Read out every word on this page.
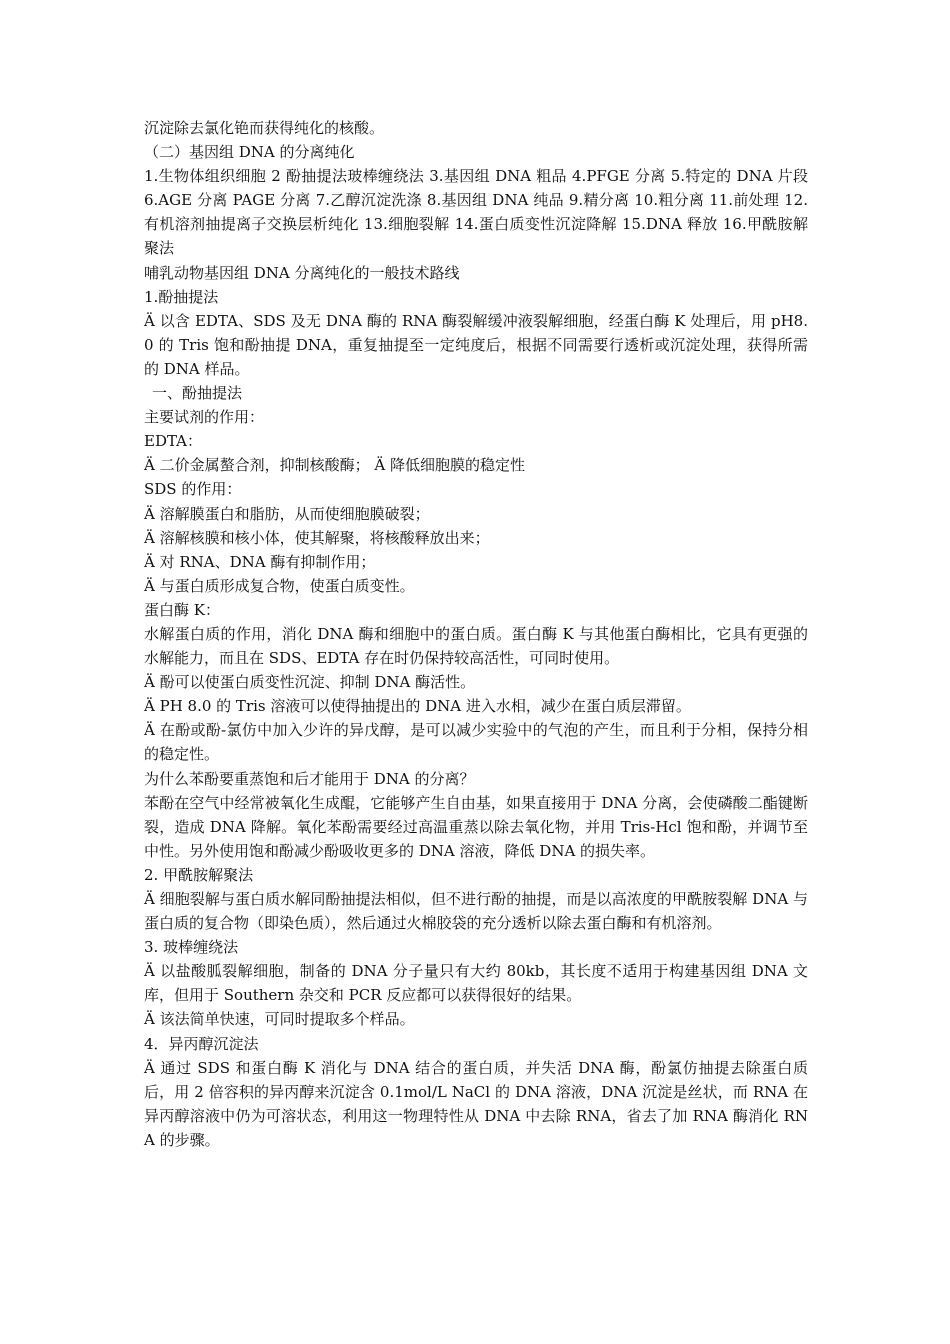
沉淀除去氯化铯而获得纯化的核酸。

（二）基因组 DNA 的分离纯化

1.生物体组织细胞 2 酚抽提法玻棒缠绕法 3.基因组 DNA 粗品 4.PFGE 分离 5.特定的 DNA 片段 6.AGE 分离 PAGE 分离 7.乙醇沉淀洗涤 8.基因组 DNA 纯品 9.精分离 10.粗分离 11.前处理 12.有机溶剂抽提离子交换层析纯化 13.细胞裂解 14.蛋白质变性沉淀降解 15.DNA 释放 16.甲酰胺解聚法

哺乳动物基因组 DNA 分离纯化的一般技术路线

1.酚抽提法

Ä 以含 EDTA、SDS 及无 DNA 酶的 RNA 酶裂解缓冲液裂解细胞，经蛋白酶 K 处理后，用 pH8.0 的 Tris 饱和酚抽提 DNA，重复抽提至一定纯度后，根据不同需要行透析或沉淀处理，获得所需的 DNA 样品。

一、酚抽提法

主要试剂的作用：

EDTA：

Ä 二价金属螯合剂，抑制核酸酶； Ä 降低细胞膜的稳定性

SDS 的作用：

Ä 溶解膜蛋白和脂肪，从而使细胞膜破裂；

Ä 溶解核膜和核小体，使其解聚，将核酸释放出来；

Ä 对 RNA、DNA 酶有抑制作用；

Ä 与蛋白质形成复合物，使蛋白质变性。

蛋白酶 K：

水解蛋白质的作用，消化 DNA 酶和细胞中的蛋白质。蛋白酶 K 与其他蛋白酶相比，它具有更强的水解能力，而且在 SDS、EDTA 存在时仍保持较高活性，可同时使用。

Ä 酚可以使蛋白质变性沉淀、抑制 DNA 酶活性。

Ä PH 8.0 的 Tris 溶液可以使得抽提出的 DNA 进入水相，减少在蛋白质层滞留。

Ä 在酚或酚-氯仿中加入少许的异戊醇，是可以减少实验中的气泡的产生，而且利于分相，保持分相的稳定性。

为什么苯酚要重蒸饱和后才能用于 DNA 的分离？

苯酚在空气中经常被氧化生成醌，它能够产生自由基，如果直接用于 DNA 分离，会使磷酸二酯键断裂，造成 DNA 降解。氧化苯酚需要经过高温重蒸以除去氧化物，并用 Tris-Hcl 饱和酚，并调节至中性。另外使用饱和酚减少酚吸收更多的 DNA 溶液，降低 DNA 的损失率。

2. 甲酰胺解聚法

Ä 细胞裂解与蛋白质水解同酚抽提法相似，但不进行酚的抽提，而是以高浓度的甲酰胺裂解 DNA 与蛋白质的复合物（即染色质），然后通过火棉胶袋的充分透析以除去蛋白酶和有机溶剂。

3. 玻棒缠绕法

Ä 以盐酸胍裂解细胞，制备的 DNA 分子量只有大约 80kb，其长度不适用于构建基因组 DNA 文库，但用于 Southern 杂交和 PCR 反应都可以获得很好的结果。

Ä 该法简单快速，可同时提取多个样品。

4．异丙醇沉淀法

Ä 通过 SDS 和蛋白酶 K 消化与 DNA 结合的蛋白质，并失活 DNA 酶，酚氯仿抽提去除蛋白质后，用 2 倍容积的异丙醇来沉淀含 0.1mol/L NaCl 的 DNA 溶液，DNA 沉淀是丝状，而 RNA 在异丙醇溶液中仍为可溶状态，利用这一物理特性从 DNA 中去除 RNA，省去了加 RNA 酶消化 RNA 的步骤。
